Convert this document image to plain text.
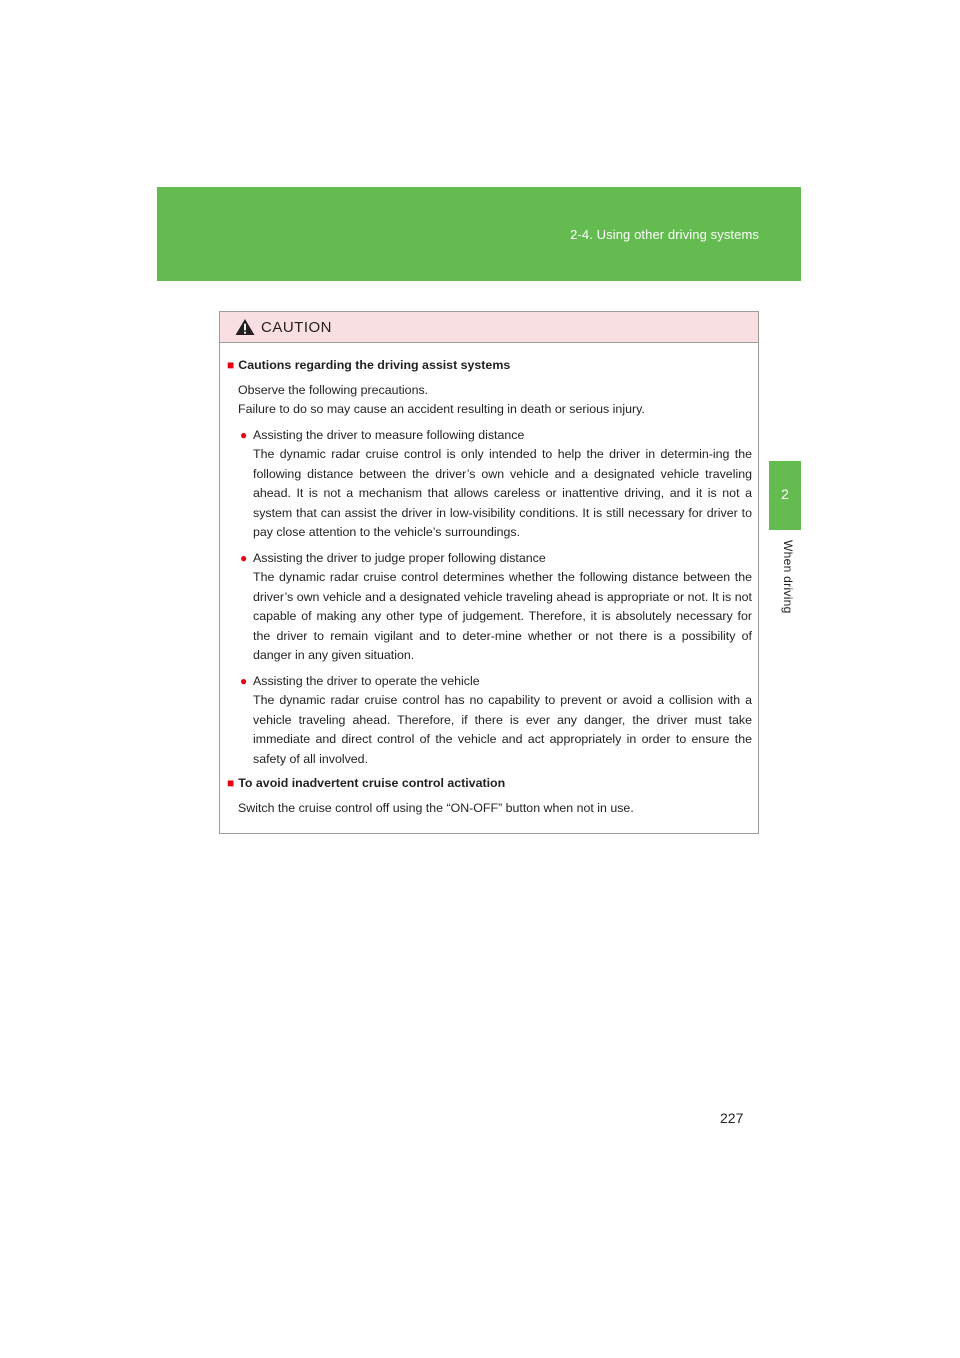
2-4. Using other driving systems
2
When driving
CAUTION
■ Cautions regarding the driving assist systems
Observe the following precautions.
Failure to do so may cause an accident resulting in death or serious injury.
● Assisting the driver to measure following distance
The dynamic radar cruise control is only intended to help the driver in determin-ing the following distance between the driver’s own vehicle and a designated vehicle traveling ahead. It is not a mechanism that allows careless or inattentive driving, and it is not a system that can assist the driver in low-visibility conditions. It is still necessary for driver to pay close attention to the vehicle’s surroundings.
● Assisting the driver to judge proper following distance
The dynamic radar cruise control determines whether the following distance between the driver’s own vehicle and a designated vehicle traveling ahead is appropriate or not. It is not capable of making any other type of judgement. Therefore, it is absolutely necessary for the driver to remain vigilant and to deter-mine whether or not there is a possibility of danger in any given situation.
● Assisting the driver to operate the vehicle
The dynamic radar cruise control has no capability to prevent or avoid a collision with a vehicle traveling ahead. Therefore, if there is ever any danger, the driver must take immediate and direct control of the vehicle and act appropriately in order to ensure the safety of all involved.
■ To avoid inadvertent cruise control activation
Switch the cruise control off using the “ON-OFF” button when not in use.
227
